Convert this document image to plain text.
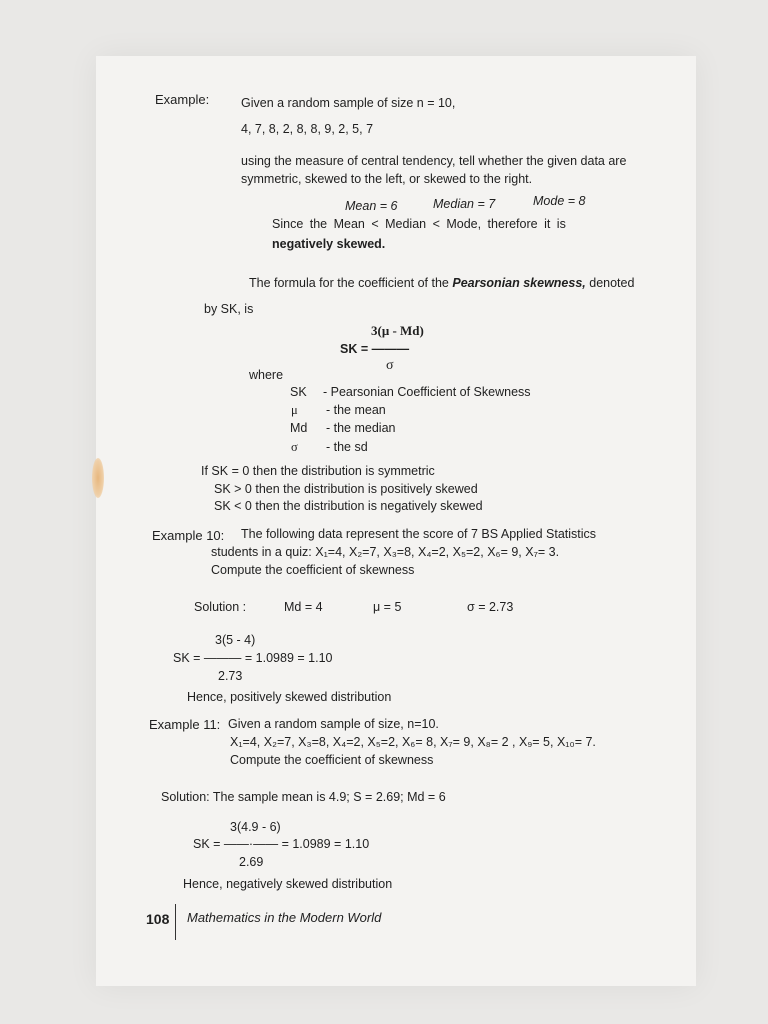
Example:	Given a random sample of size n = 10,
4, 7, 8, 2, 8, 8, 9, 2, 5, 7
using the measure of central tendency, tell whether the given data are
symmetric, skewed to the left, or skewed to the right.
Mean = 6	Median = 7	Mode = 8
Since the Mean < Median < Mode, therefore it is
negatively skewed.
The formula for the coefficient of the Pearsonian skewness, denoted
by SK, is
3(μ - Md)
SK = ———
σ
where
SK - Pearsonian Coefficient of Skewness
μ - the mean
Md - the median
σ - the sd
If SK = 0 then the distribution is symmetric
SK > 0 then the distribution is positively skewed
SK < 0 then the distribution is negatively skewed
Example 10: The following data represent the score of 7 BS Applied Statistics
students in a quiz: X₁=4, X₂=7, X₃=8, X₄=2, X₅=2, X₆= 9, X₇= 3.
Compute the coefficient of skewness
Solution :	Md = 4	μ = 5	σ = 2.73
3(5 - 4)
SK = ——— = 1.0989 = 1.10
2.73
Hence, positively skewed distribution
Example 11: Given a random sample of size, n=10.
X₁=4, X₂=7, X₃=8, X₄=2, X₅=2, X₆= 8, X₇= 9, X₈= 2 , X₉= 5, X₁₀= 7.
Compute the coefficient of skewness
Solution: The sample mean is 4.9; S = 2.69; Md = 6
3(4.9 - 6)
SK = ——·—— = 1.0989 = 1.10
2.69
Hence, negatively skewed distribution
108 Mathematics in the Modern World
